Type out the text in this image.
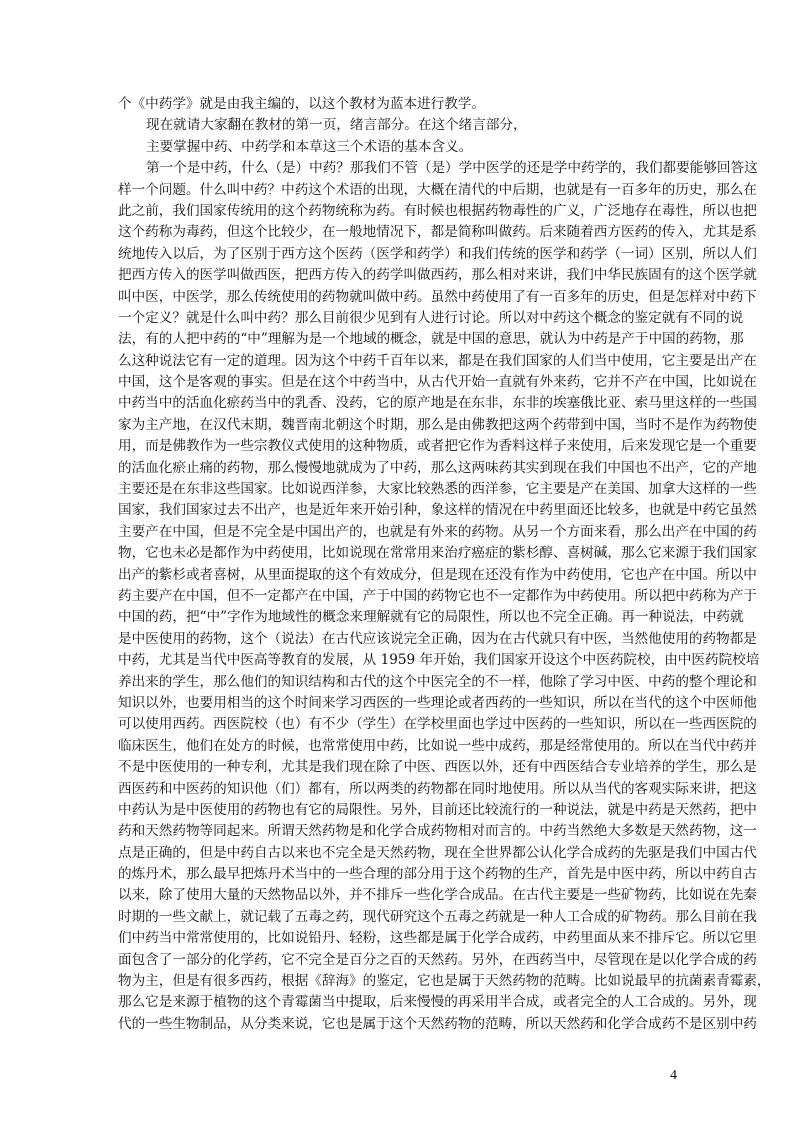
个《中药学》就是由我主编的，以这个教材为蓝本进行教学。
现在就请大家翻在教材的第一页，绪言部分。在这个绪言部分，
主要掌握中药、中药学和本草这三个术语的基本含义。
第一个是中药，什么（是）中药？那我们不管（是）学中医学的还是学中药学的，我们都要能够回答这
样一个问题。什么叫中药？中药这个术语的出现，大概在清代的中后期，也就是有一百多年的历史，那么在
此之前，我们国家传统用的这个药物统称为药。有时候也根据药物毒性的广义，广泛地存在毒性，所以也把
这个药称为毒药，但这个比较少，在一般地情况下，都是简称叫做药。后来随着西方医药的传入，尤其是系
统地传入以后，为了区别于西方这个医药（医学和药学）和我们传统的医学和药学（一词）区别，所以人们
把西方传入的医学叫做西医，把西方传入的药学叫做西药，那么相对来讲，我们中华民族固有的这个医学就
叫中医，中医学，那么传统使用的药物就叫做中药。虽然中药使用了有一百多年的历史，但是怎样对中药下
一个定义？就是什么叫中药？那么目前很少见到有人进行讨论。所以对中药这个概念的鉴定就有不同的说
法，有的人把中药的“中”理解为是一个地域的概念，就是中国的意思，就认为中药是产于中国的药物，那
么这种说法它有一定的道理。因为这个中药千百年以来，都是在我们国家的人们当中使用，它主要是出产在
中国，这个是客观的事实。但是在这个中药当中，从古代开始一直就有外来药，它并不产在中国，比如说在
中药当中的活血化瘀药当中的乳香、没药，它的原产地是在东非，东非的埃塞俄比亚、索马里这样的一些国
家为主产地，在汉代末期，魏晋南北朝这个时期，那么是由佛教把这两个药带到中国，当时不是作为药物使
用，而是佛教作为一些宗教仪式使用的这种物质，或者把它作为香料这样子来使用，后来发现它是一个重要
的活血化瘀止痛的药物，那么慢慢地就成为了中药，那么这两味药其实到现在我们中国也不出产，它的产地
主要还是在东非这些国家。比如说西洋参，大家比较熟悉的西洋参，它主要是产在美国、加拿大这样的一些
国家，我们国家过去不出产，也是近年来开始引种，象这样的情况在中药里面还比较多，也就是中药它虽然
主要产在中国，但是不完全是中国出产的，也就是有外来的药物。从另一个方面来看，那么出产在中国的药
物，它也未必是都作为中药使用，比如说现在常常用来治疗癌症的紫杉醇、喜树碱，那么它来源于我们国家
出产的紫杉或者喜树，从里面提取的这个有效成分，但是现在还没有作为中药使用，它也产在中国。所以中
药主要产在中国，但不一定都产在中国，产于中国的药物它也不一定都作为中药使用。所以把中药称为产于
中国的药，把“中”字作为地域性的概念来理解就有它的局限性，所以也不完全正确。再一种说法，中药就
是中医使用的药物，这个（说法）在古代应该说完全正确，因为在古代就只有中医，当然他使用的药物都是
中药，尤其是当代中医高等教育的发展，从 1959 年开始，我们国家开设这个中医药院校，由中医药院校培
养出来的学生，那么他们的知识结构和古代的这个中医完全的不一样，他除了学习中医、中药的整个理论和
知识以外，也要用相当的这个时间来学习西医的一些理论或者西药的一些知识，所以在当代的这个中医师他
可以使用西药。西医院校（也）有不少（学生）在学校里面也学过中医药的一些知识，所以在一些西医院的
临床医生，他们在处方的时候，也常常使用中药，比如说一些中成药，那是经常使用的。所以在当代中药并
不是中医使用的一种专利，尤其是我们现在除了中医、西医以外，还有中西医结合专业培养的学生，那么是
西医药和中医药的知识他（们）都有，所以两类的药物都在同时地使用。所以从当代的客观实际来讲，把这
中药认为是中医使用的药物也有它的局限性。另外，目前还比较流行的一种说法，就是中药是天然药，把中
药和天然药物等同起来。所谓天然药物是和化学合成药物相对而言的。中药当然绝大多数是天然药物，这一
点是正确的，但是中药自古以来也不完全是天然药物，现在全世界都公认化学合成药的先驱是我们中国古代
的炼丹术，那么最早把炼丹术当中的一些合理的部分用于这个药物的生产，首先是中医中药，所以中药自古
以来，除了使用大量的天然物品以外，并不排斥一些化学合成品。在古代主要是一些矿物药，比如说在先秦
时期的一些文献上，就记载了五毒之药，现代研究这个五毒之药就是一种人工合成的矿物药。那么目前在我
们中药当中常常使用的，比如说铅丹、轻粉，这些都是属于化学合成药，中药里面从来不排斥它。所以它里
面包含了一部分的化学药，它不完全是百分之百的天然药。另外，在西药当中，尽管现在是以化学合成的药
物为主，但是有很多西药，根据《辞海》的鉴定，它也是属于天然药物的范畴。比如说最早的抗菌素青霉素，
那么它是来源于植物的这个青霉菌当中提取，后来慢慢的再采用半合成，或者完全的人工合成的。另外，现
代的一些生物制品，从分类来说，它也是属于这个天然药物的范畴，所以天然药和化学合成药不是区别中药
4
